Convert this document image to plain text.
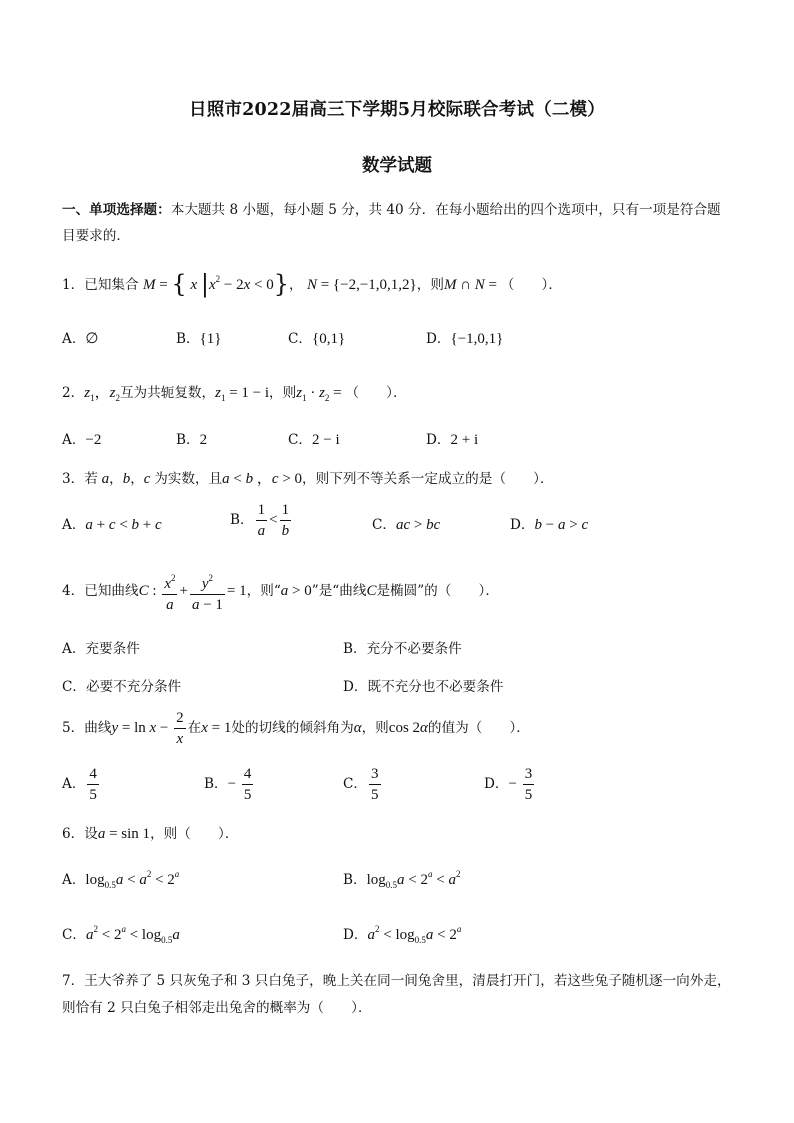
日照市2022届高三下学期5月校际联合考试（二模）
数学试题
一、单项选择题：本大题共 8 小题，每小题 5 分，共 40 分．在每小题给出的四个选项中，只有一项是符合题目要求的．
1．已知集合 M = { x $|x^2 - 2x < 0$}， N = {−2,−1,0,1,2}，则M ∩ N = （　　）．
A．∅	B．{1}	C．{0,1}	D．{−1,0,1}
2．$z_1$，$z_2$互为共轭复数，$z_1 = 1 - i$，则$z_1 \cdot z_2$ = （　　）．
A．−2	B．2	C．2 − i	D．2 + i
3．若 a，b，c 为实数，且a < b ，c > 0，则下列不等关系一定成立的是（　　）．
A．a + c < b + c	B． $\frac{1}{a} < \frac{1}{b}$	C．ac > bc	D．b − a > c
4．已知曲线C : $\frac{x^2}{a} + \frac{y^2}{a - 1} = 1$，则“a > 0”是“曲线C是椭圆”的（　　）．
A．充要条件	B．充分不必要条件
C．必要不充分条件	D．既不充分也不必要条件
5．曲线$y = \ln x - \frac{2}{x}$ 在x = 1处的切线的倾斜角为α，则cos 2α的值为（　　）．
A． $\frac{4}{5}$	B．− $\frac{4}{5}$	C． $\frac{3}{5}$	D．− $\frac{3}{5}$
6．设a = sin 1，则（　　）．
A．$\log_{0.5}a < a^2 < 2^a$	B．$\log_{0.5}a < 2^a < a^2$
C．$a^2 < 2^a < \log_{0.5}a$	D．$a^2 < \log_{0.5}a < 2^a$
7．王大爷养了 5 只灰兔子和 3 只白兔子，晚上关在同一间兔舍里，清晨打开门，若这些兔子随机逐一向外走，则恰有 2 只白兔子相邻走出兔舍的概率为（　　）．
